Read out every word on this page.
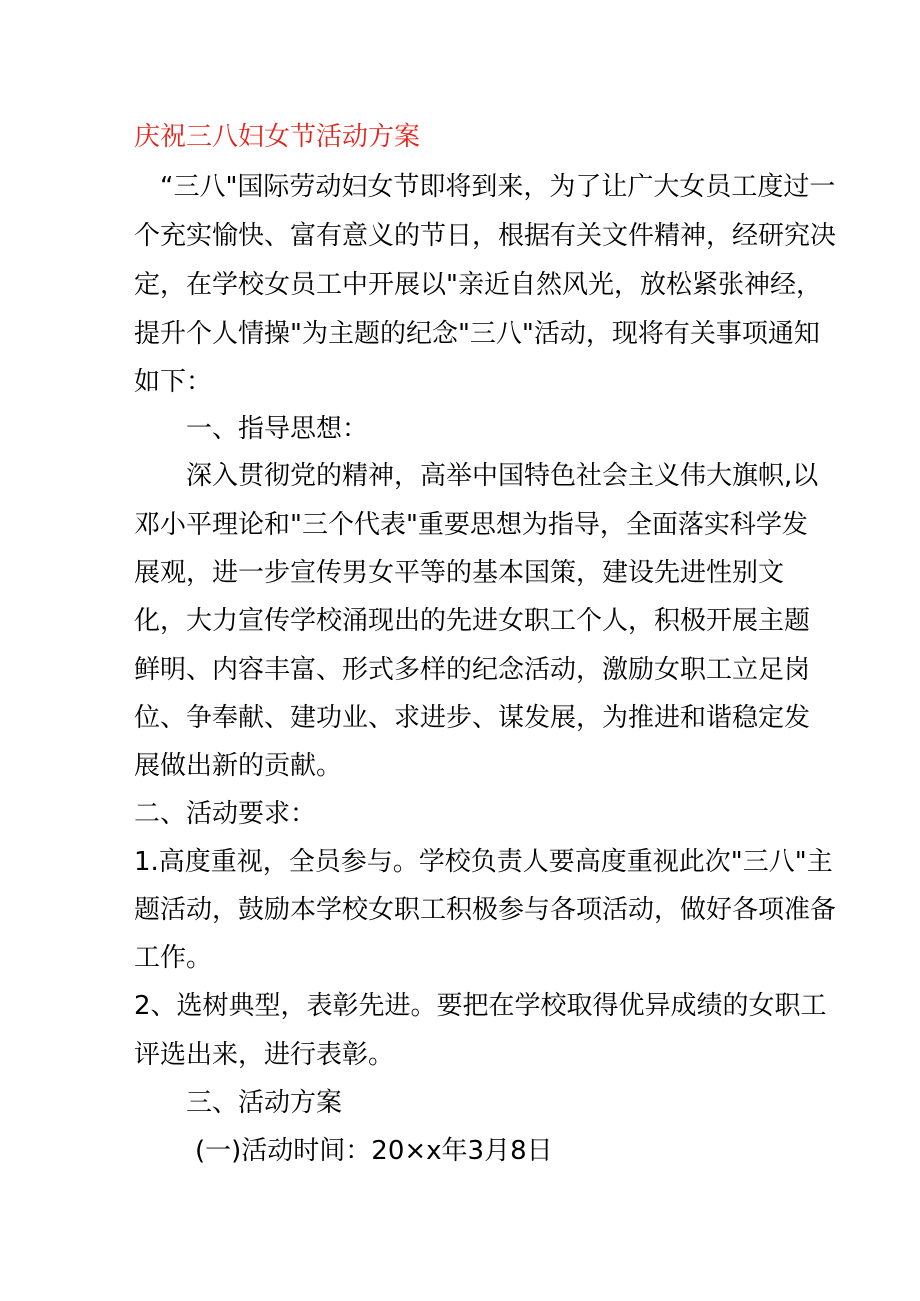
庆祝三八妇女节活动方案
“三八"国际劳动妇女节即将到来，为了让广大女员工度过一
个充实愉快、富有意义的节日，根据有关文件精神，经研究决
定，在学校女员工中开展以"亲近自然风光，放松紧张神经，
提升个人情操"为主题的纪念"三八"活动，现将有关事项通知
如下：
一、指导思想：
深入贯彻党的精神，高举中国特色社会主义伟大旗帜,以
邓小平理论和"三个代表"重要思想为指导，全面落实科学发
展观，进一步宣传男女平等的基本国策，建设先进性别文
化，大力宣传学校涌现出的先进女职工个人，积极开展主题
鲜明、内容丰富、形式多样的纪念活动，激励女职工立足岗
位、争奉献、建功业、求进步、谋发展，为推进和谐稳定发
展做出新的贡献。
二、活动要求：
1.高度重视，全员参与。学校负责人要高度重视此次"三八"主
题活动，鼓励本学校女职工积极参与各项活动，做好各项准备
工作。
2、选树典型，表彰先进。要把在学校取得优异成绩的女职工
评选出来，进行表彰。
三、活动方案
(一)活动时间：20×x年3月8日
